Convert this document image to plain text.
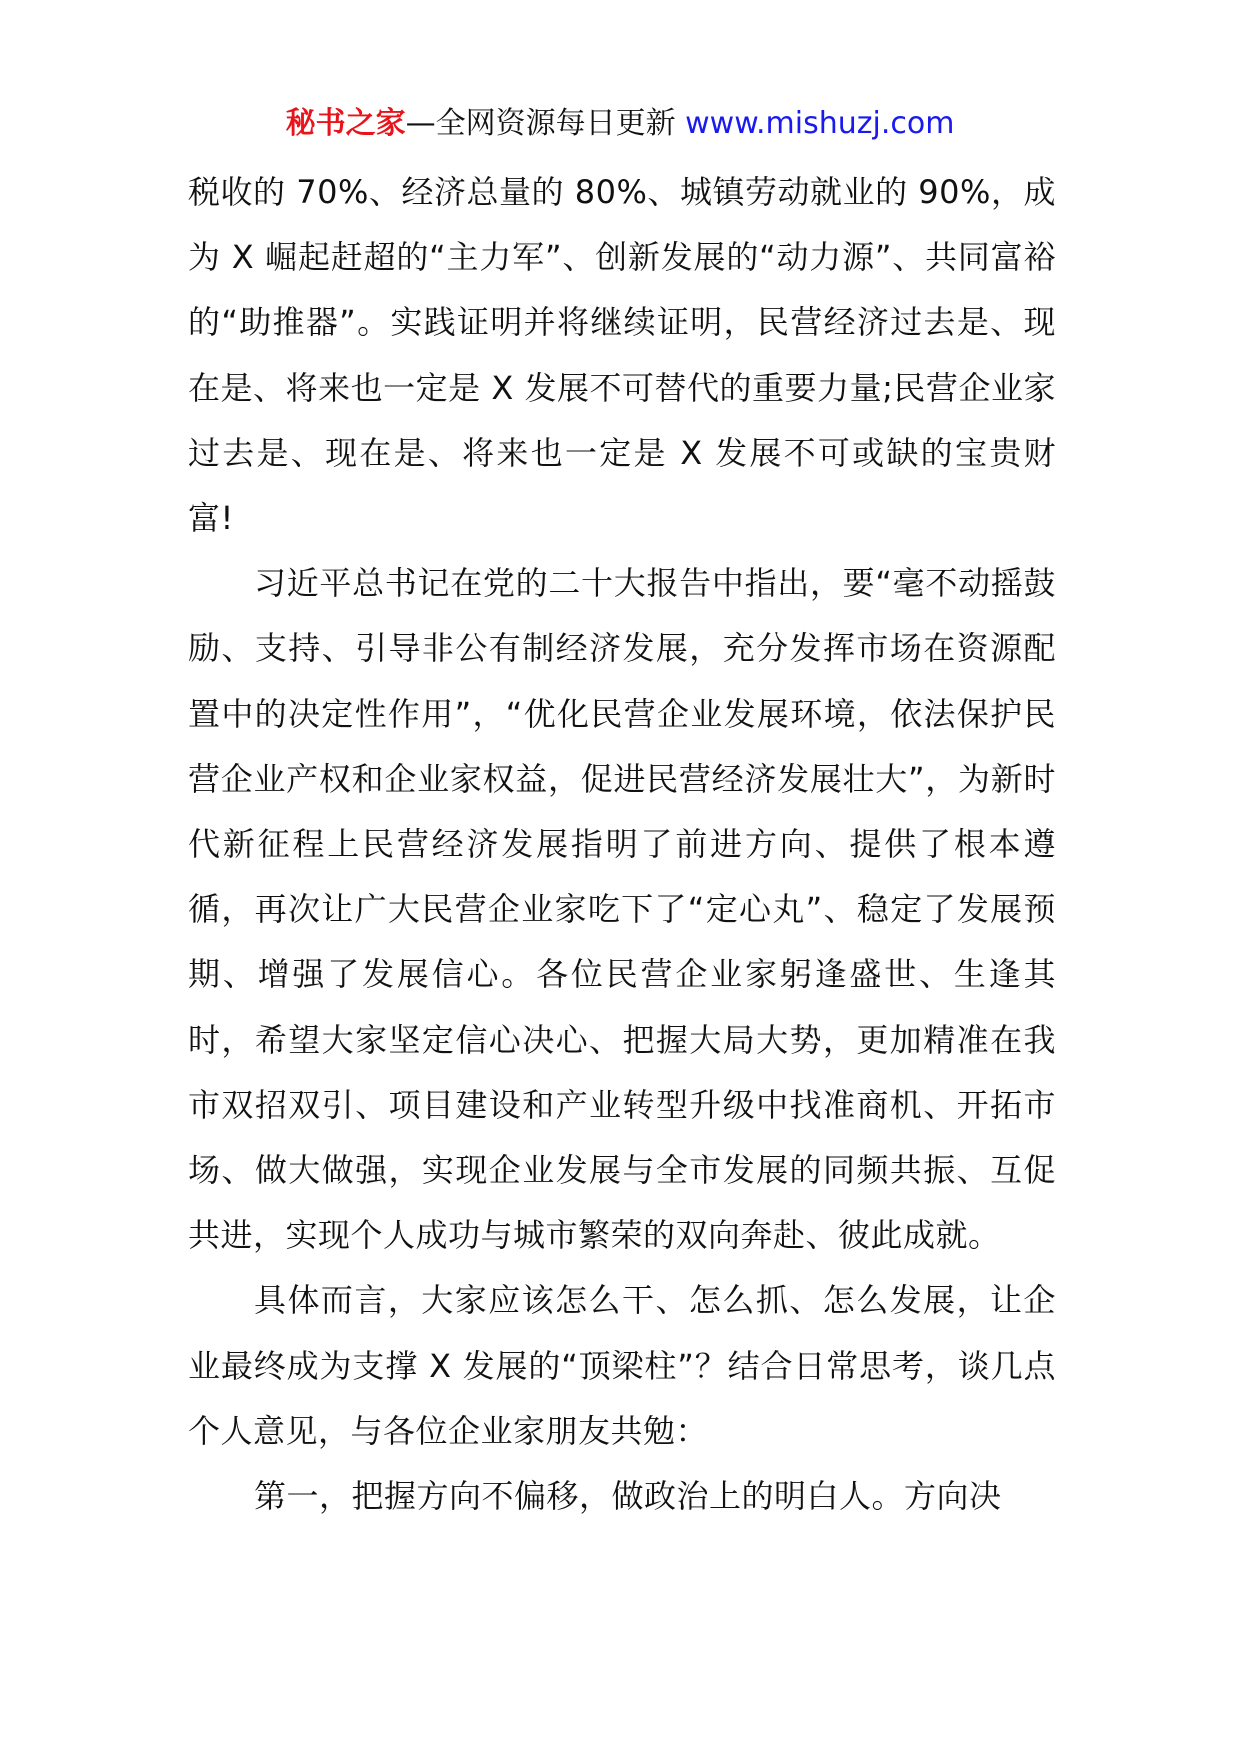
秘书之家—全网资源每日更新 www.mishuzj.com

税收的 70%、经济总量的 80%、城镇劳动就业的 90%，成为 X 崛起赶超的“主力军”、创新发展的“动力源”、共同富裕的“助推器”。实践证明并将继续证明，民营经济过去是、现在是、将来也一定是 X 发展不可替代的重要力量;民营企业家过去是、现在是、将来也一定是 X 发展不可或缺的宝贵财富!

习近平总书记在党的二十大报告中指出，要“毫不动摇鼓励、支持、引导非公有制经济发展，充分发挥市场在资源配置中的决定性作用”，“优化民营企业发展环境，依法保护民营企业产权和企业家权益，促进民营经济发展壮大”，为新时代新征程上民营经济发展指明了前进方向、提供了根本遵循，再次让广大民营企业家吃下了“定心丸”、稳定了发展预期、增强了发展信心。各位民营企业家躬逢盛世、生逢其时，希望大家坚定信心决心、把握大局大势，更加精准在我市双招双引、项目建设和产业转型升级中找准商机、开拓市场、做大做强，实现企业发展与全市发展的同频共振、互促共进，实现个人成功与城市繁荣的双向奔赴、彼此成就。

具体而言，大家应该怎么干、怎么抓、怎么发展，让企业最终成为支撑 X 发展的“顶梁柱”？结合日常思考，谈几点个人意见，与各位企业家朋友共勉：

第一，把握方向不偏移，做政治上的明白人。方向决
